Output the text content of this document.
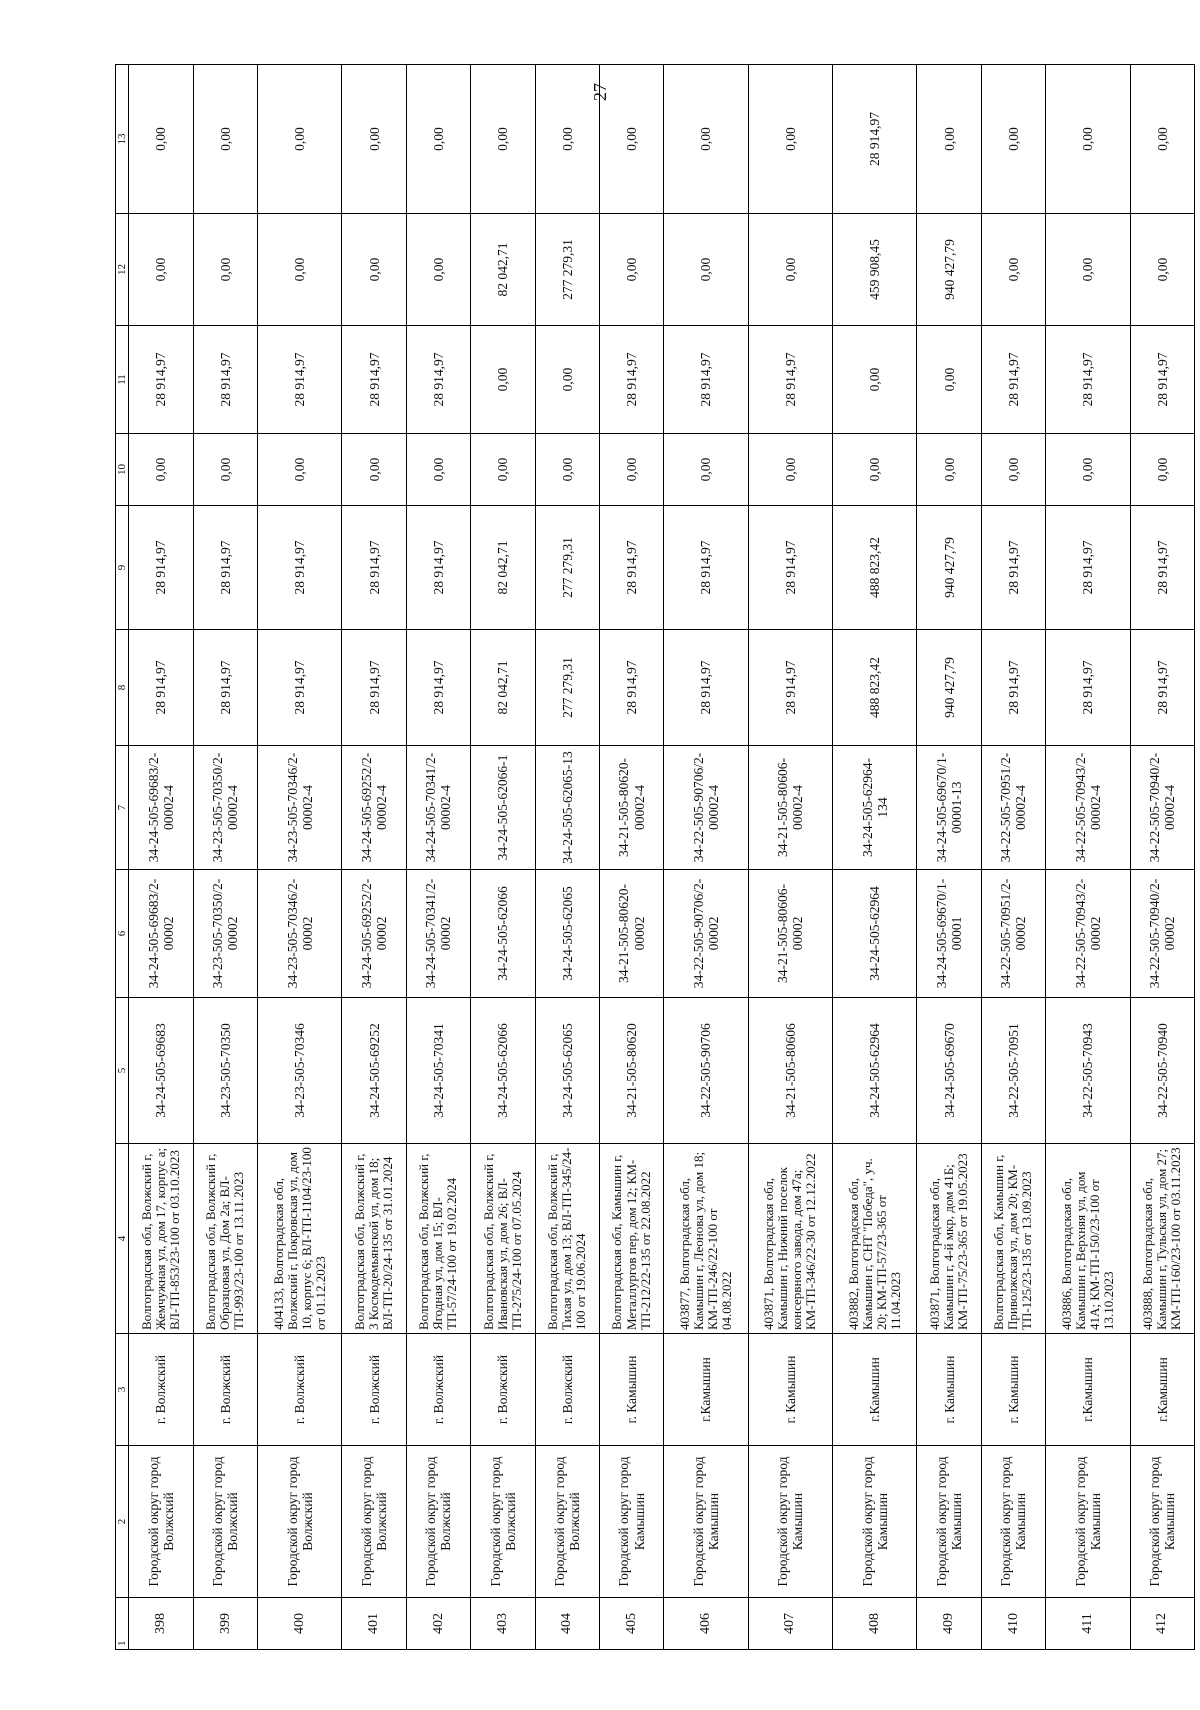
27
1	2	3	4	5	6	7	8	9	10	11	12	13
398	Городской округ город Волжский	г. Волжский	Волгоградская обл, Волжский г, Жемчужная ул, дом 17, корпус а; ВЛ-ТП-853/23-100 от 03.10.2023	34-24-505-69683	34-24-505-69683/2-00002	34-24-505-69683/2-00002-4	28 914,97	28 914,97	0,00	28 914,97	0,00	0,00
399	Городской округ город Волжский	г. Волжский	Волгоградская обл, Волжский г, Образцовая ул, Дом 2а; ВЛ-ТП-993/23-100 от 13.11.2023	34-23-505-70350	34-23-505-70350/2-00002	34-23-505-70350/2-00002-4	28 914,97	28 914,97	0,00	28 914,97	0,00	0,00
400	Городской округ город Волжский	г. Волжский	404133, Волгоградская обл, Волжский г, Покровская ул, дом 10, корпус 6; ВЛ-ТП-1104/23-100 от 01.12.2023	34-23-505-70346	34-23-505-70346/2-00002	34-23-505-70346/2-00002-4	28 914,97	28 914,97	0,00	28 914,97	0,00	0,00
401	Городской округ город Волжский	г. Волжский	Волгоградская обл, Волжский г, 3 Космодемьянской ул, дом 18; ВЛ-ТП-20/24-135 от 31.01.2024	34-24-505-69252	34-24-505-69252/2-00002	34-24-505-69252/2-00002-4	28 914,97	28 914,97	0,00	28 914,97	0,00	0,00
402	Городской округ город Волжский	г. Волжский	Волгоградская обл, Волжский г, Ягодная ул, дом 15; ВЛ-ТП-57/24-100 от 19.02.2024	34-24-505-70341	34-24-505-70341/2-00002	34-24-505-70341/2-00002-4	28 914,97	28 914,97	0,00	28 914,97	0,00	0,00
403	Городской округ город Волжский	г. Волжский	Волгоградская обл, Волжский г, Ивановская ул, дом 26; ВЛ-ТП-275/24-100 от 07.05.2024	34-24-505-62066	34-24-505-62066	34-24-505-62066-1	82 042,71	82 042,71	0,00	0,00	82 042,71	0,00
404	Городской округ город Волжский	г. Волжский	Волгоградская обл, Волжский г, Тихая ул, дом 13; ВЛ-ТП-345/24-100 от 19.06.2024	34-24-505-62065	34-24-505-62065	34-24-505-62065-13	277 279,31	277 279,31	0,00	0,00	277 279,31	0,00
405	Городской округ город Камышин	г. Камышин	Волгоградская обл, Камышин г, Металлургов пер, дом 12; КМ-ТП-212/22-135 от 22.08.2022	34-21-505-80620	34-21-505-80620-00002	34-21-505-80620-00002-4	28 914,97	28 914,97	0,00	28 914,97	0,00	0,00
406	Городской округ город Камышин	г.Камышин	403877, Волгоградская обл, Камышин г, Леонова ул, дом 18; КМ-ТП-246/22-100 от 04.08.2022	34-22-505-90706	34-22-505-90706/2-00002	34-22-505-90706/2-00002-4	28 914,97	28 914,97	0,00	28 914,97	0,00	0,00
407	Городской округ город Камышин	г. Камышин	403871, Волгоградская обл, Камышин г, Нижний поселок консервного завода, дом 47а; КМ-ТП-346/22-30 от 12.12.2022	34-21-505-80606	34-21-505-80606-00002	34-21-505-80606-00002-4	28 914,97	28 914,97	0,00	28 914,97	0,00	0,00
408	Городской округ город Камышин	г.Камышин	403882, Волгоградская обл, Камышин г, СНТ "Победа", уч. 20; КМ-ТП-57/23-365 от 11.04.2023	34-24-505-62964	34-24-505-62964	34-24-505-62964-134	488 823,42	488 823,42	0,00	0,00	459 908,45	28 914,97
409	Городской округ город Камышин	г. Камышин	403871, Волгоградская обл, Камышин г, 4-й мкр, дом 41Б; КМ-ТП-75/23-365 от 19.05.2023	34-24-505-69670	34-24-505-69670/1-00001	34-24-505-69670/1-00001-13	940 427,79	940 427,79	0,00	0,00	940 427,79	0,00
410	Городской округ город Камышин	г. Камышин	Волгоградская обл, Камышин г, Приволжская ул, дом 20; КМ-ТП-125/23-135 от 13.09.2023	34-22-505-70951	34-22-505-70951/2-00002	34-22-505-70951/2-00002-4	28 914,97	28 914,97	0,00	28 914,97	0,00	0,00
411	Городской округ город Камышин	г.Камышин	403886, Волгоградская обл, Камышин г, Верхняя ул, дом 41А; КМ-ТП-150/23-100 от 13.10.2023	34-22-505-70943	34-22-505-70943/2-00002	34-22-505-70943/2-00002-4	28 914,97	28 914,97	0,00	28 914,97	0,00	0,00
412	Городской округ город Камышин	г.Камышин	403888, Волгоградская обл, Камышин г, Тульская ул, дом 27; КМ-ТП-160/23-100 от 03.11.2023	34-22-505-70940	34-22-505-70940/2-00002	34-22-505-70940/2-00002-4	28 914,97	28 914,97	0,00	28 914,97	0,00	0,00
